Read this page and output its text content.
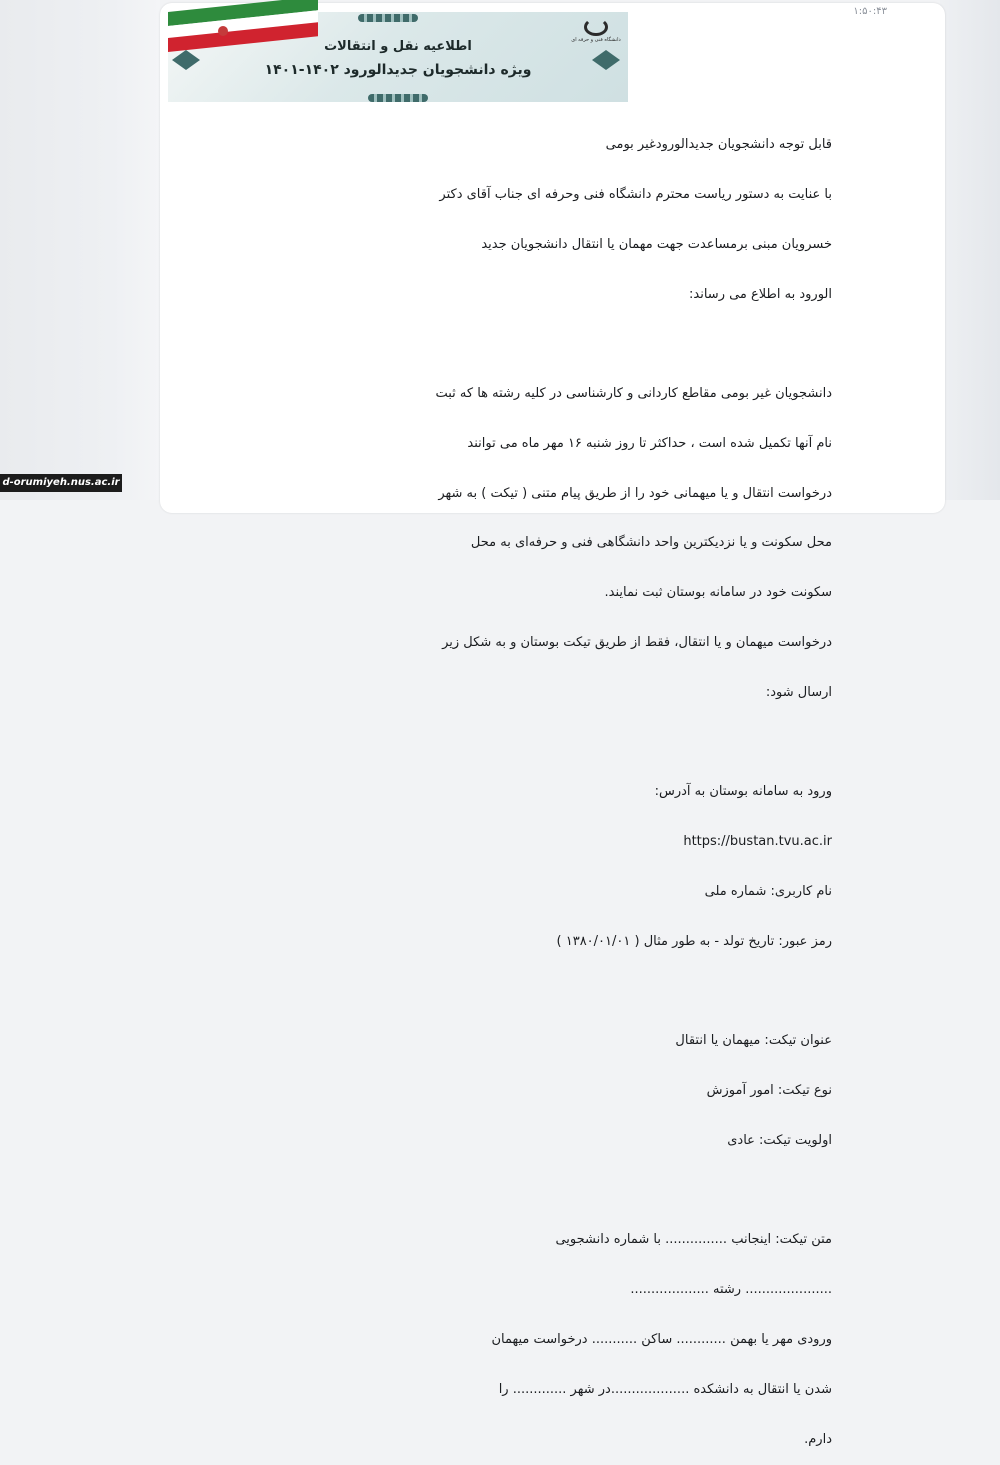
۱:۵۰:۴۳
دانشگاه فنی و حرفه ای
اطلاعیه نقل و انتقالات
ویژه دانشجویان جدیدالورود ۱۴۰۲-۱۴۰۱

قابل توجه دانشجویان جدیدالورودغیر بومی

با عنایت به دستور ریاست محترم دانشگاه فنی وحرفه ای جناب آقای دکتر

خسرویان مبنی برمساعدت جهت مهمان یا انتقال دانشجویان جدید

الورود به اطلاع می رساند:

دانشجویان غیر بومی مقاطع کاردانی و کارشناسی در کلیه رشته ها که ثبت

نام آنها تکمیل شده است ، حداکثر تا روز شنبه ۱۶ مهر ماه می توانند

درخواست انتقال و یا میهمانی خود را از طریق پیام متنی ( تیکت ) به شهر

محل سکونت و یا نزدیکترین واحد دانشگاهی فنی و حرفه‌ای به محل

سکونت خود در سامانه بوستان ثبت نمایند.

درخواست میهمان و یا انتقال، فقط از طریق تیکت بوستان و به شکل زیر

ارسال شود:

ورود به سامانه بوستان به آدرس:

https://bustan.tvu.ac.ir

نام کاربری: شماره ملی

رمز عبور: تاریخ تولد - به طور مثال ( ۱۳۸۰/۰۱/۰۱ )

عنوان تیکت: میهمان یا انتقال

نوع تیکت: امور آموزش

اولویت تیکت: عادی

متن تیکت: اینجانب ............... با شماره دانشجویی

..................... رشته ...................

ورودی مهر یا بهمن ............ ساکن ........... درخواست میهمان

شدن یا انتقال به دانشکده ...................در شهر ............. را

دارم.

d-orumiyeh.nus.ac.ir
